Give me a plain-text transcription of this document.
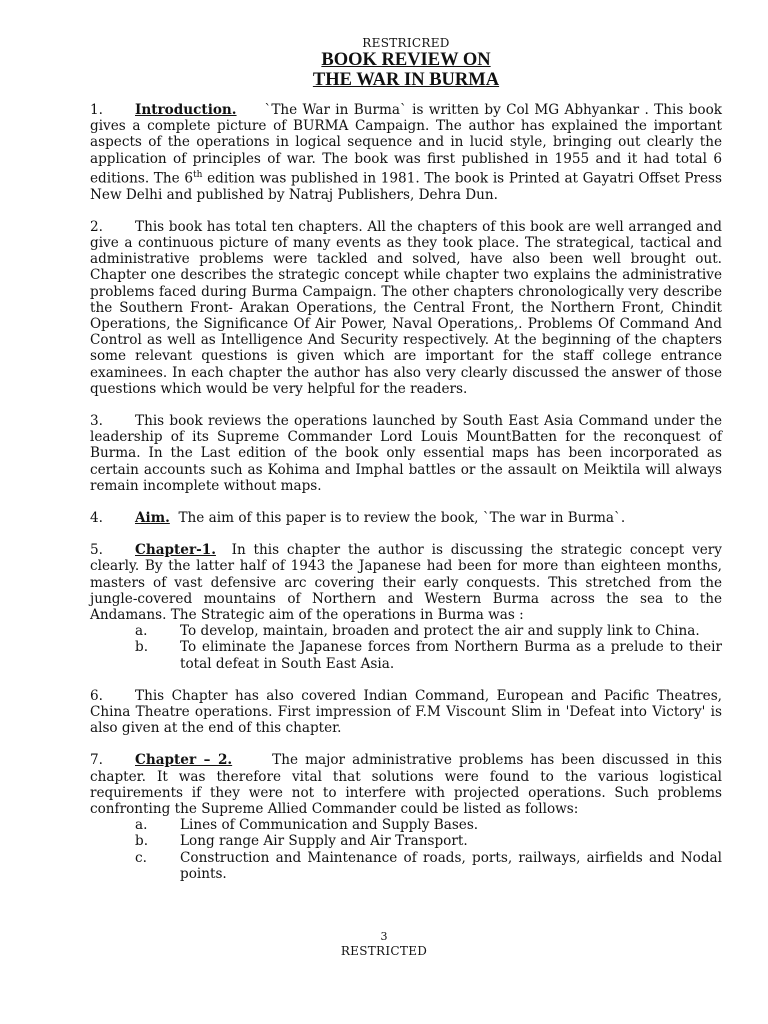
RESTRICRED
BOOK REVIEW ON
THE WAR IN BURMA

1. Introduction. `The War in Burma` is written by Col MG Abhyankar . This book gives a complete picture of BURMA Campaign. The author has explained the important aspects of the operations in logical sequence and in lucid style, bringing out clearly the application of principles of war. The book was first published in 1955 and it had total 6 editions. The 6th edition was published in 1981. The book is Printed at Gayatri Offset Press New Delhi and published by Natraj Publishers, Dehra Dun.

2. This book has total ten chapters. All the chapters of this book are well arranged and give a continuous picture of many events as they took place. The strategical, tactical and administrative problems were tackled and solved, have also been well brought out. Chapter one describes the strategic concept while chapter two explains the administrative problems faced during Burma Campaign. The other chapters chronologically very describe the Southern Front- Arakan Operations, the Central Front, the Northern Front, Chindit Operations, the Significance Of Air Power, Naval Operations,. Problems Of Command And Control as well as Intelligence And Security respectively. At the beginning of the chapters some relevant questions is given which are important for the staff college entrance examinees. In each chapter the author has also very clearly discussed the answer of those questions which would be very helpful for the readers.

3. This book reviews the operations launched by South East Asia Command under the leadership of its Supreme Commander Lord Louis MountBatten for the reconquest of Burma. In the Last edition of the book only essential maps has been incorporated as certain accounts such as Kohima and Imphal battles or the assault on Meiktila will always remain incomplete without maps.

4. Aim. The aim of this paper is to review the book, `The war in Burma`.

5. Chapter-1. In this chapter the author is discussing the strategic concept very clearly. By the latter half of 1943 the Japanese had been for more than eighteen months, masters of vast defensive arc covering their early conquests. This stretched from the jungle-covered mountains of Northern and Western Burma across the sea to the Andamans. The Strategic aim of the operations in Burma was :

a. To develop, maintain, broaden and protect the air and supply link to China.
b. To eliminate the Japanese forces from Northern Burma as a prelude to their total defeat in South East Asia.

6. This Chapter has also covered Indian Command, European and Pacific Theatres, China Theatre operations. First impression of F.M Viscount Slim in 'Defeat into Victory' is also given at the end of this chapter.

7. Chapter – 2.	The major administrative problems has been discussed in this chapter. It was therefore vital that solutions were found to the various logistical requirements if they were not to interfere with projected operations. Such problems confronting the Supreme Allied Commander could be listed as follows:

a. Lines of Communication and Supply Bases.
b. Long range Air Supply and Air Transport.
c. Construction and Maintenance of roads, ports, railways, airfields and Nodal points.
3
RESTRICTED
